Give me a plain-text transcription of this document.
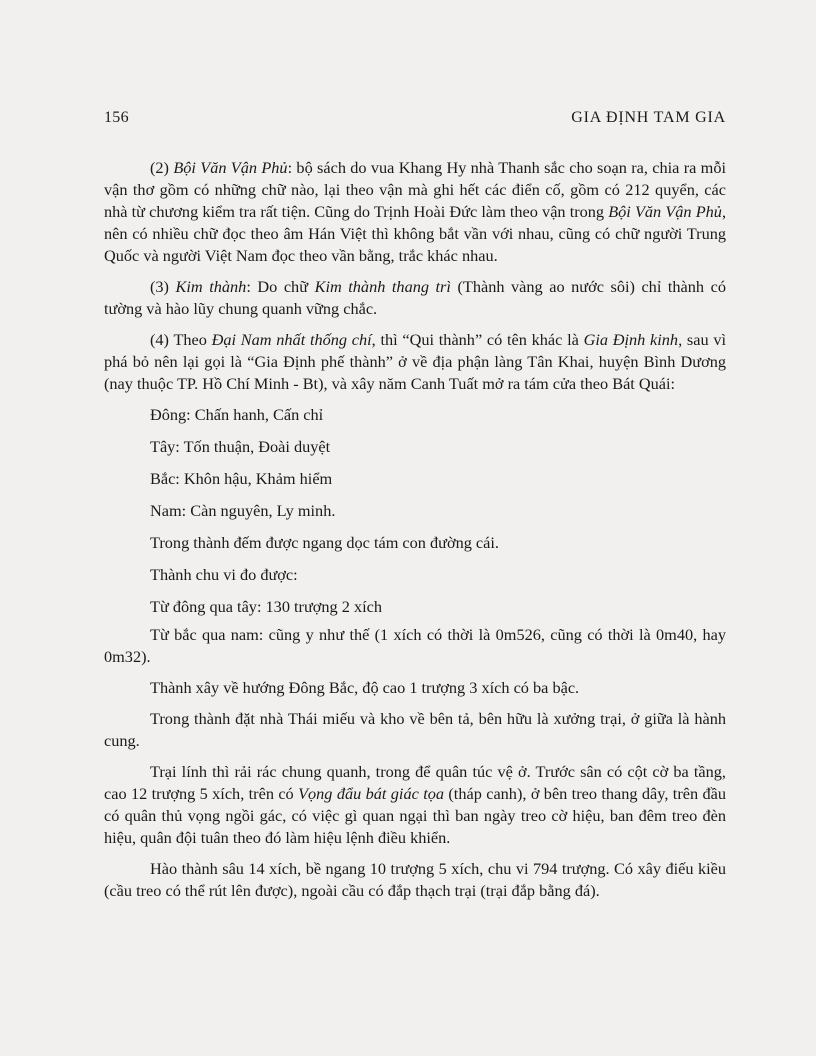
156	GIA ĐỊNH TAM GIA

(2) Bội Văn Vận Phủ: bộ sách do vua Khang Hy nhà Thanh sắc cho soạn ra, chia ra mỗi vận thơ gồm có những chữ nào, lại theo vận mà ghi hết các điển cố, gồm có 212 quyển, các nhà từ chương kiểm tra rất tiện. Cũng do Trịnh Hoài Đức làm theo vận trong Bội Văn Vận Phủ, nên có nhiều chữ đọc theo âm Hán Việt thì không bắt vần với nhau, cũng có chữ người Trung Quốc và người Việt Nam đọc theo vần bằng, trắc khác nhau.

(3) Kim thành: Do chữ Kim thành thang trì (Thành vàng ao nước sôi) chỉ thành có tường và hào lũy chung quanh vững chắc.

(4) Theo Đại Nam nhất thống chí, thì “Qui thành” có tên khác là Gia Định kinh, sau vì phá bỏ nên lại gọi là “Gia Định phế thành” ở về địa phận làng Tân Khai, huyện Bình Dương (nay thuộc TP. Hồ Chí Minh - Bt), và xây năm Canh Tuất mở ra tám cửa theo Bát Quái:

Đông: Chấn hanh, Cấn chỉ

Tây: Tốn thuận, Đoài duyệt

Bắc: Khôn hậu, Khảm hiểm

Nam: Càn nguyên, Ly minh.

Trong thành đếm được ngang dọc tám con đường cái.

Thành chu vi đo được:

Từ đông qua tây: 130 trượng 2 xích

Từ bắc qua nam: cũng y như thế (1 xích có thời là 0m526, cũng có thời là 0m40, hay 0m32).

Thành xây về hướng Đông Bắc, độ cao 1 trượng 3 xích có ba bậc.

Trong thành đặt nhà Thái miếu và kho về bên tả, bên hữu là xưởng trại, ở giữa là hành cung.

Trại lính thì rải rác chung quanh, trong để quân túc vệ ở. Trước sân có cột cờ ba tầng, cao 12 trượng 5 xích, trên có Vọng đẩu bát giác tọa (tháp canh), ở bên treo thang dây, trên đầu có quân thủ vọng ngồi gác, có việc gì quan ngại thì ban ngày treo cờ hiệu, ban đêm treo đèn hiệu, quân đội tuân theo đó làm hiệu lệnh điều khiển.

Hào thành sâu 14 xích, bề ngang 10 trượng 5 xích, chu vi 794 trượng. Có xây điếu kiều (cầu treo có thể rút lên được), ngoài cầu có đắp thạch trại (trại đắp bằng đá).
